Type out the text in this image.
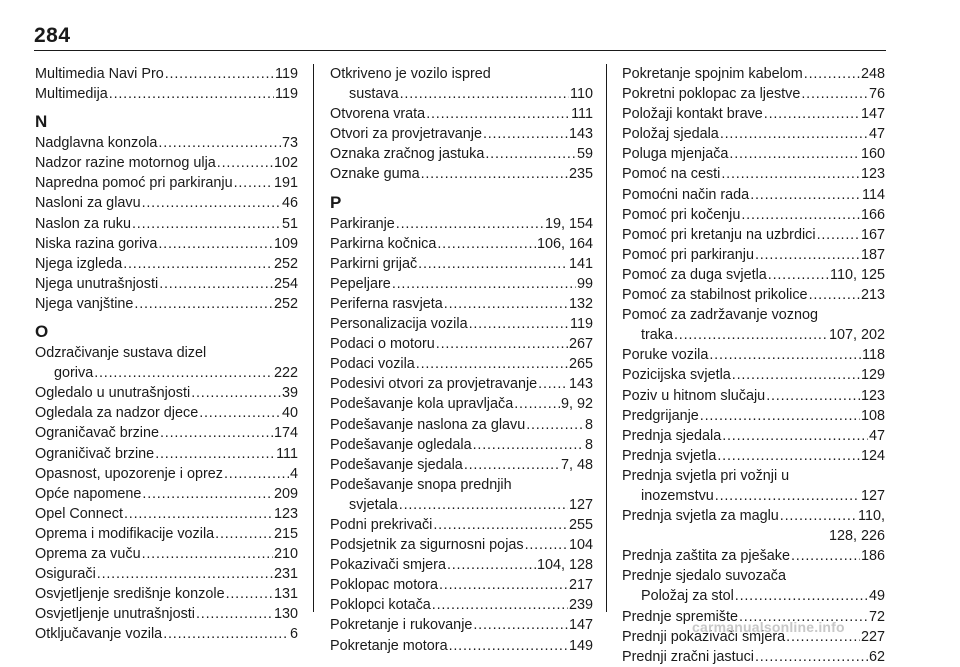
284
Multimedia Navi Pro . . .	119
Multimedija . . .	119
N
Nadglavna konzola . . .	73
Nadzor razine motornog ulja . . .	102
Napredna pomoć pri parkiranju . . .	191
Nasloni za glavu . . .	46
Naslon za ruku . . .	51
Niska razina goriva . . .	109
Njega izgleda . . .	252
Njega unutrašnjosti . . .	254
Njega vanjštine . . .	252
O
Odzračivanje sustava dizel
goriva . . .	222
Ogledalo u unutrašnjosti . . .	39
Ogledala za nadzor djece . . .	40
Ograničavač brzine . . .	174
Ograničivač brzine . . .	111
Opasnost, upozorenje i oprez . . .	4
Opće napomene . . .	209
Opel Connect . . .	123
Oprema i modifikacije vozila . . .	215
Oprema za vuču . . .	210
Osigurači . . .	231
Osvjetljenje središnje konzole . . .	131
Osvjetljenje unutrašnjosti . . .	130
Otključavanje vozila . . .	6
Otkriveno je vozilo ispred
sustava . . .	110
Otvorena vrata . . .	111
Otvori za provjetravanje . . .	143
Oznaka zračnog jastuka . . .	59
Oznake guma . . .	235
P
Parkiranje . . .	19, 154
Parkirna kočnica . . .	106, 164
Parkirni grijač . . .	141
Pepeljare . . .	99
Periferna rasvjeta . . .	132
Personalizacija vozila . . .	119
Podaci o motoru . . .	267
Podaci vozila . . .	265
Podesivi otvori za provjetravanje . . . 143
Podešavanje kola upravljača . . .	9, 92
Podešavanje naslona za glavu . . .	8
Podešavanje ogledala . . .	8
Podešavanje sjedala . . .	7, 48
Podešavanje snopa prednjih
svjetala . . .	127
Podni prekrivači . . .	255
Podsjetnik za sigurnosni pojas . . .	104
Pokazivači smjera . . .	104, 128
Poklopac motora . . .	217
Poklopci kotača . . .	239
Pokretanje i rukovanje . . .	147
Pokretanje motora . . .	149
Pokretanje spojnim kabelom . . .	248
Pokretni poklopac za ljestve . . .	76
Položaji kontakt brave . . .	147
Položaj sjedala . . .	47
Poluga mjenjača . . .	160
Pomoć na cesti . . .	123
Pomoćni način rada . . .	114
Pomoć pri kočenju . . .	166
Pomoć pri kretanju na uzbrdici . . .	167
Pomoć pri parkiranju . . .	187
Pomoć za duga svjetla . . .	110, 125
Pomoć za stabilnost prikolice . . .	213
Pomoć za zadržavanje voznog
traka . . .	107, 202
Poruke vozila . . .	118
Pozicijska svjetla . . .	129
Poziv u hitnom slučaju . . .	123
Predgrijanje . . .	108
Prednja sjedala . . .	47
Prednja svjetla . . .	124
Prednja svjetla pri vožnji u
inozemstvu . . .	127
Prednja svjetla za maglu . . .	110,
128, 226
Prednja zaštita za pješake . . .	186
Prednje sjedalo suvozača
Položaj za stol . . .	49
Prednje spremište . . .	72
Prednji pokazivači smjera . . .	227
Prednji zračni jastuci . . .	62
carmanualsonline.info
